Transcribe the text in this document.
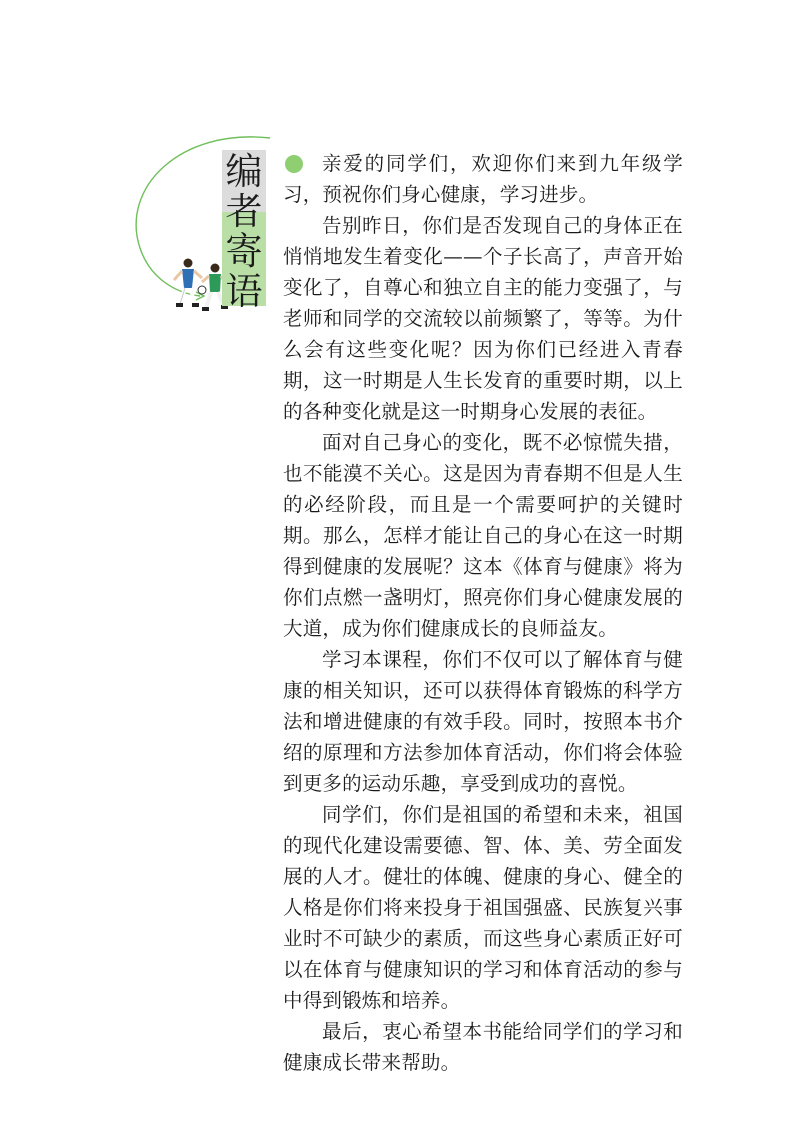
编
者
寄
语

亲爱的同学们，欢迎你们来到九年级学习，预祝你们身心健康，学习进步。

告别昨日，你们是否发现自己的身体正在悄悄地发生着变化——个子长高了，声音开始变化了，自尊心和独立自主的能力变强了，与老师和同学的交流较以前频繁了，等等。为什么会有这些变化呢？因为你们已经进入青春期，这一时期是人生长发育的重要时期，以上的各种变化就是这一时期身心发展的表征。

面对自己身心的变化，既不必惊慌失措，也不能漠不关心。这是因为青春期不但是人生的必经阶段，而且是一个需要呵护的关键时期。那么，怎样才能让自己的身心在这一时期得到健康的发展呢？这本《体育与健康》将为你们点燃一盏明灯，照亮你们身心健康发展的大道，成为你们健康成长的良师益友。

学习本课程，你们不仅可以了解体育与健康的相关知识，还可以获得体育锻炼的科学方法和增进健康的有效手段。同时，按照本书介绍的原理和方法参加体育活动，你们将会体验到更多的运动乐趣，享受到成功的喜悦。

同学们，你们是祖国的希望和未来，祖国的现代化建设需要德、智、体、美、劳全面发展的人才。健壮的体魄、健康的身心、健全的人格是你们将来投身于祖国强盛、民族复兴事业时不可缺少的素质，而这些身心素质正好可以在体育与健康知识的学习和体育活动的参与中得到锻炼和培养。

最后，衷心希望本书能给同学们的学习和健康成长带来帮助。
